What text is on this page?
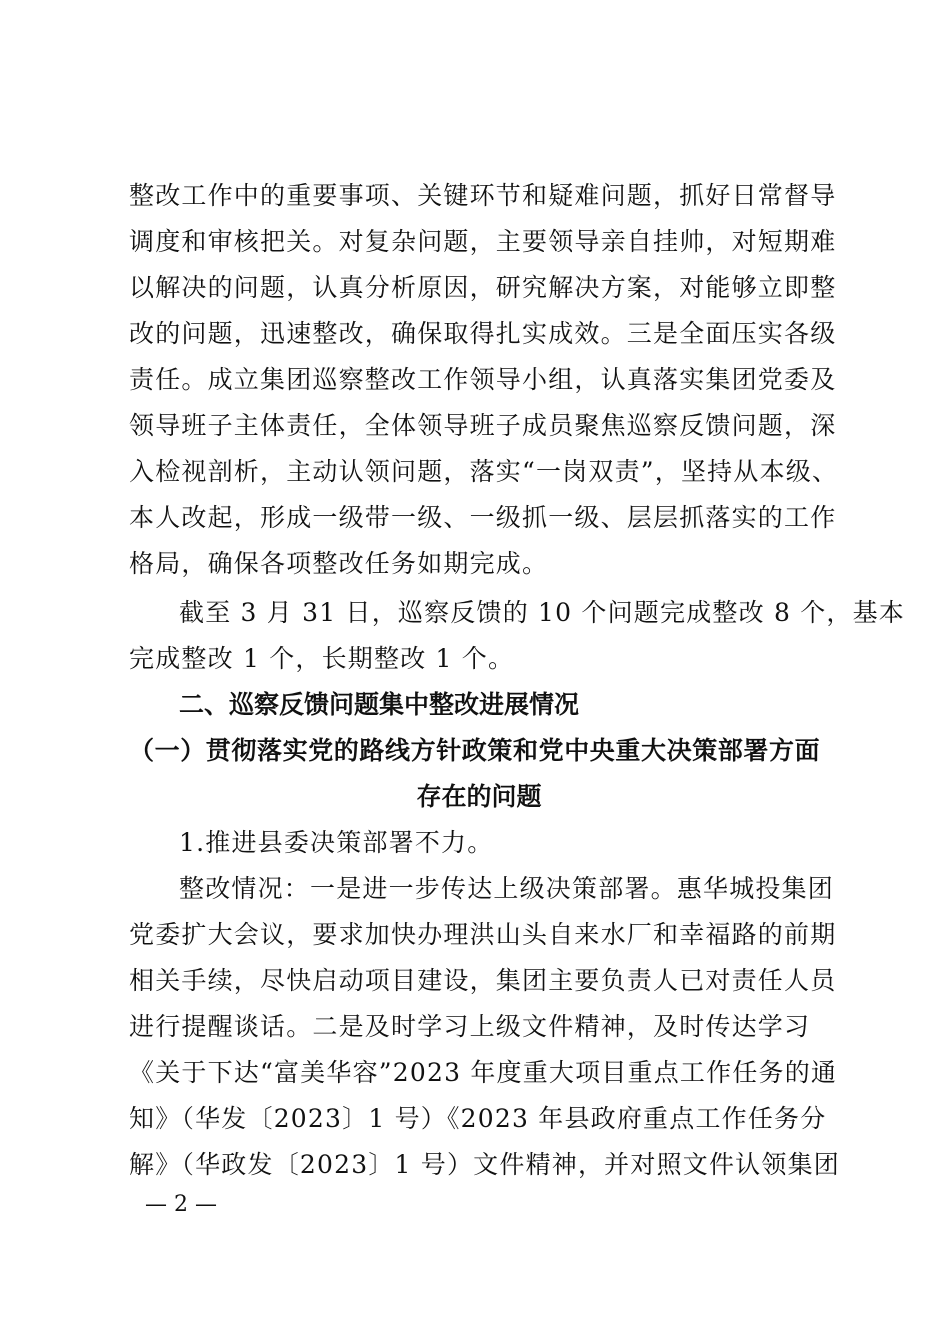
整改工作中的重要事项、关键环节和疑难问题，抓好日常督导
调度和审核把关。对复杂问题，主要领导亲自挂帅，对短期难
以解决的问题，认真分析原因，研究解决方案，对能够立即整
改的问题，迅速整改，确保取得扎实成效。三是全面压实各级
责任。成立集团巡察整改工作领导小组，认真落实集团党委及
领导班子主体责任，全体领导班子成员聚焦巡察反馈问题，深
入检视剖析，主动认领问题，落实“一岗双责”，坚持从本级、
本人改起，形成一级带一级、一级抓一级、层层抓落实的工作
格局，确保各项整改任务如期完成。
截至 3 月 31 日，巡察反馈的 10 个问题完成整改 8 个，基本
完成整改 1 个，长期整改 1 个。
二、巡察反馈问题集中整改进展情况
（一）贯彻落实党的路线方针政策和党中央重大决策部署方面
存在的问题
1.推进县委决策部署不力。
整改情况：一是进一步传达上级决策部署。惠华城投集团
党委扩大会议，要求加快办理洪山头自来水厂和幸福路的前期
相关手续，尽快启动项目建设，集团主要负责人已对责任人员
进行提醒谈话。二是及时学习上级文件精神，及时传达学习
《关于下达“富美华容”2023 年度重大项目重点工作任务的通
知》（华发〔2023〕1 号）《2023 年县政府重点工作任务分
解》（华政发〔2023〕1 号）文件精神，并对照文件认领集团
— 2 —
